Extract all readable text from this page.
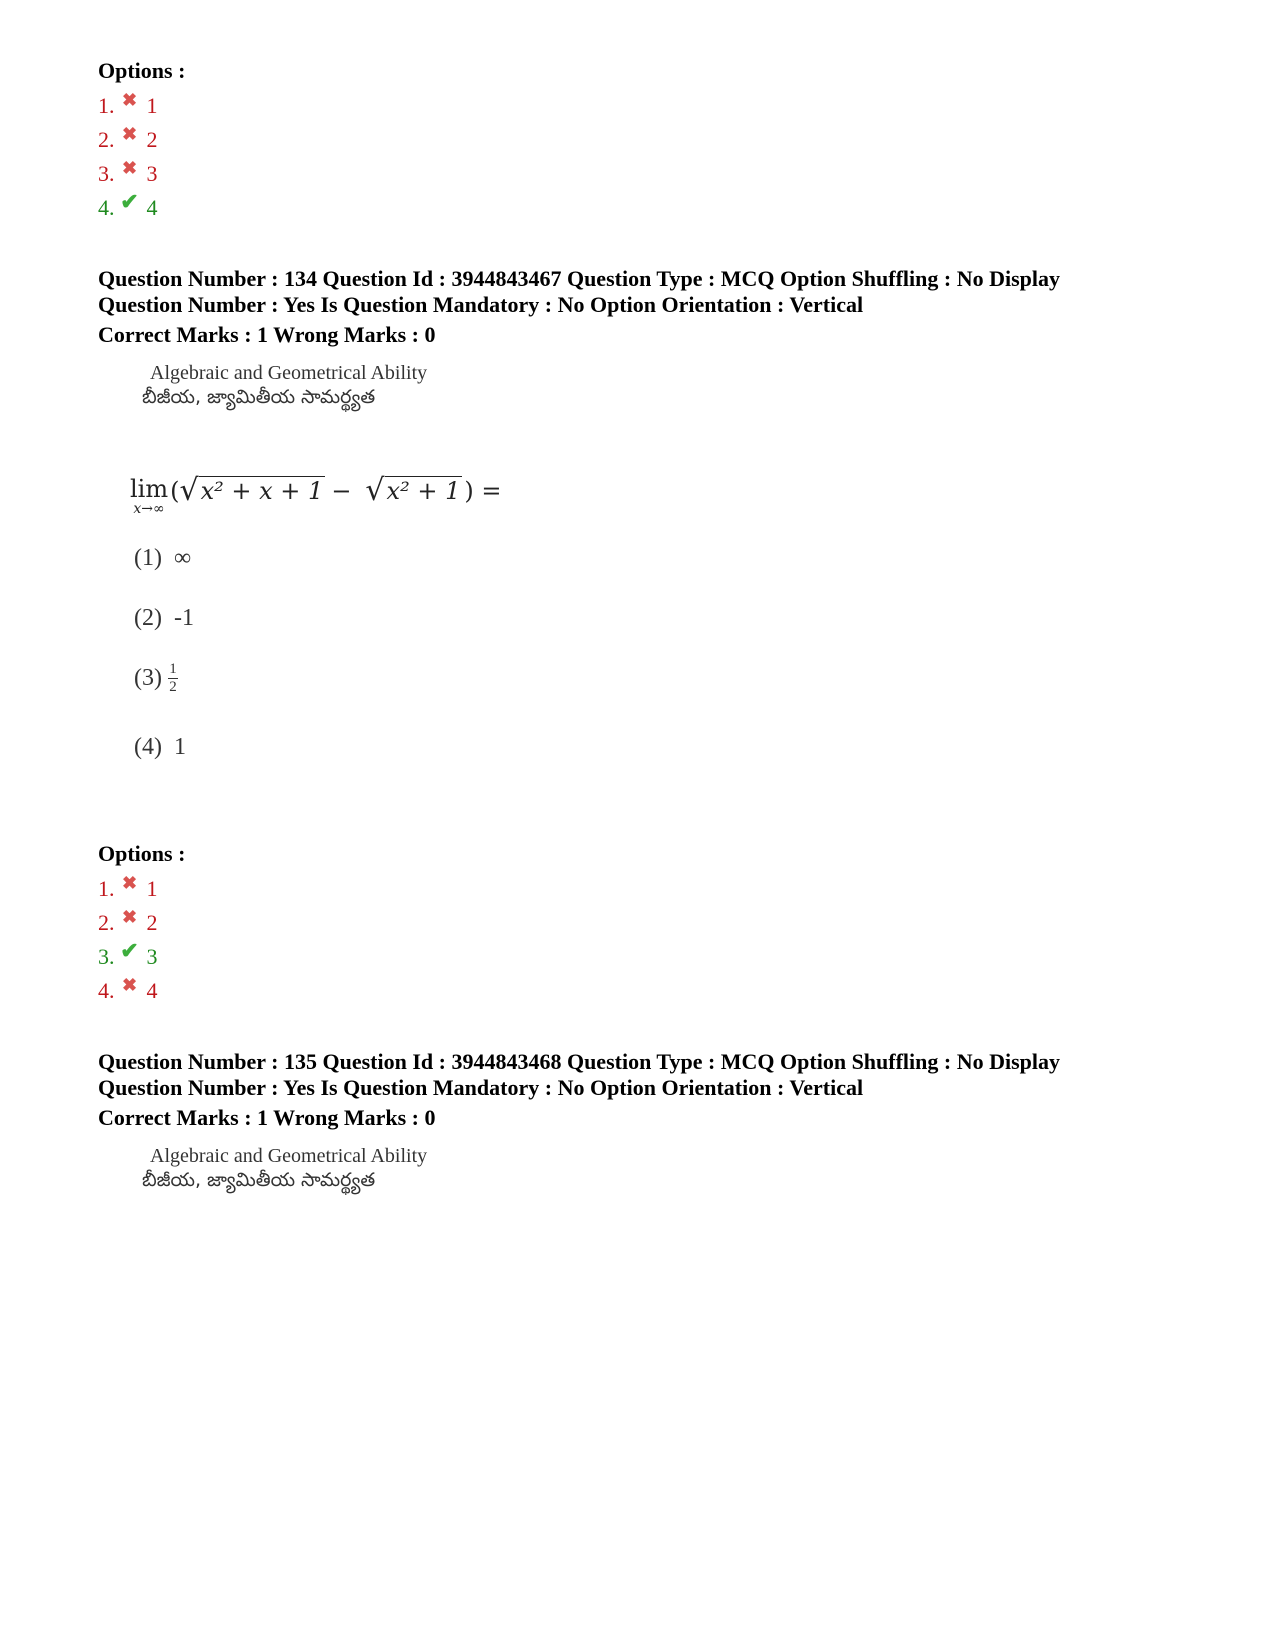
Options :
1. ✖ 1
2. ✖ 2
3. ✖ 3
4. ✔ 4
Question Number : 134 Question Id : 3944843467 Question Type : MCQ Option Shuffling : No Display
Question Number : Yes Is Question Mandatory : No Option Orientation : Vertical
Correct Marks : 1 Wrong Marks : 0
Algebraic and Geometrical Ability
బీజీయ, జ్యామితీయ సామర్థ్యత
lim
x→∞
( √ x² + x + 1 − √ x² + 1 ) =
(1) ∞
(2) -1
$(3) \frac{1}{2}$
(4) 1
Options :
1. ✖ 1
2. ✖ 2
3. ✔ 3
4. ✖ 4
Question Number : 135 Question Id : 3944843468 Question Type : MCQ Option Shuffling : No Display
Question Number : Yes Is Question Mandatory : No Option Orientation : Vertical
Correct Marks : 1 Wrong Marks : 0
Algebraic and Geometrical Ability
బీజీయ, జ్యామితీయ సామర్థ్యత
